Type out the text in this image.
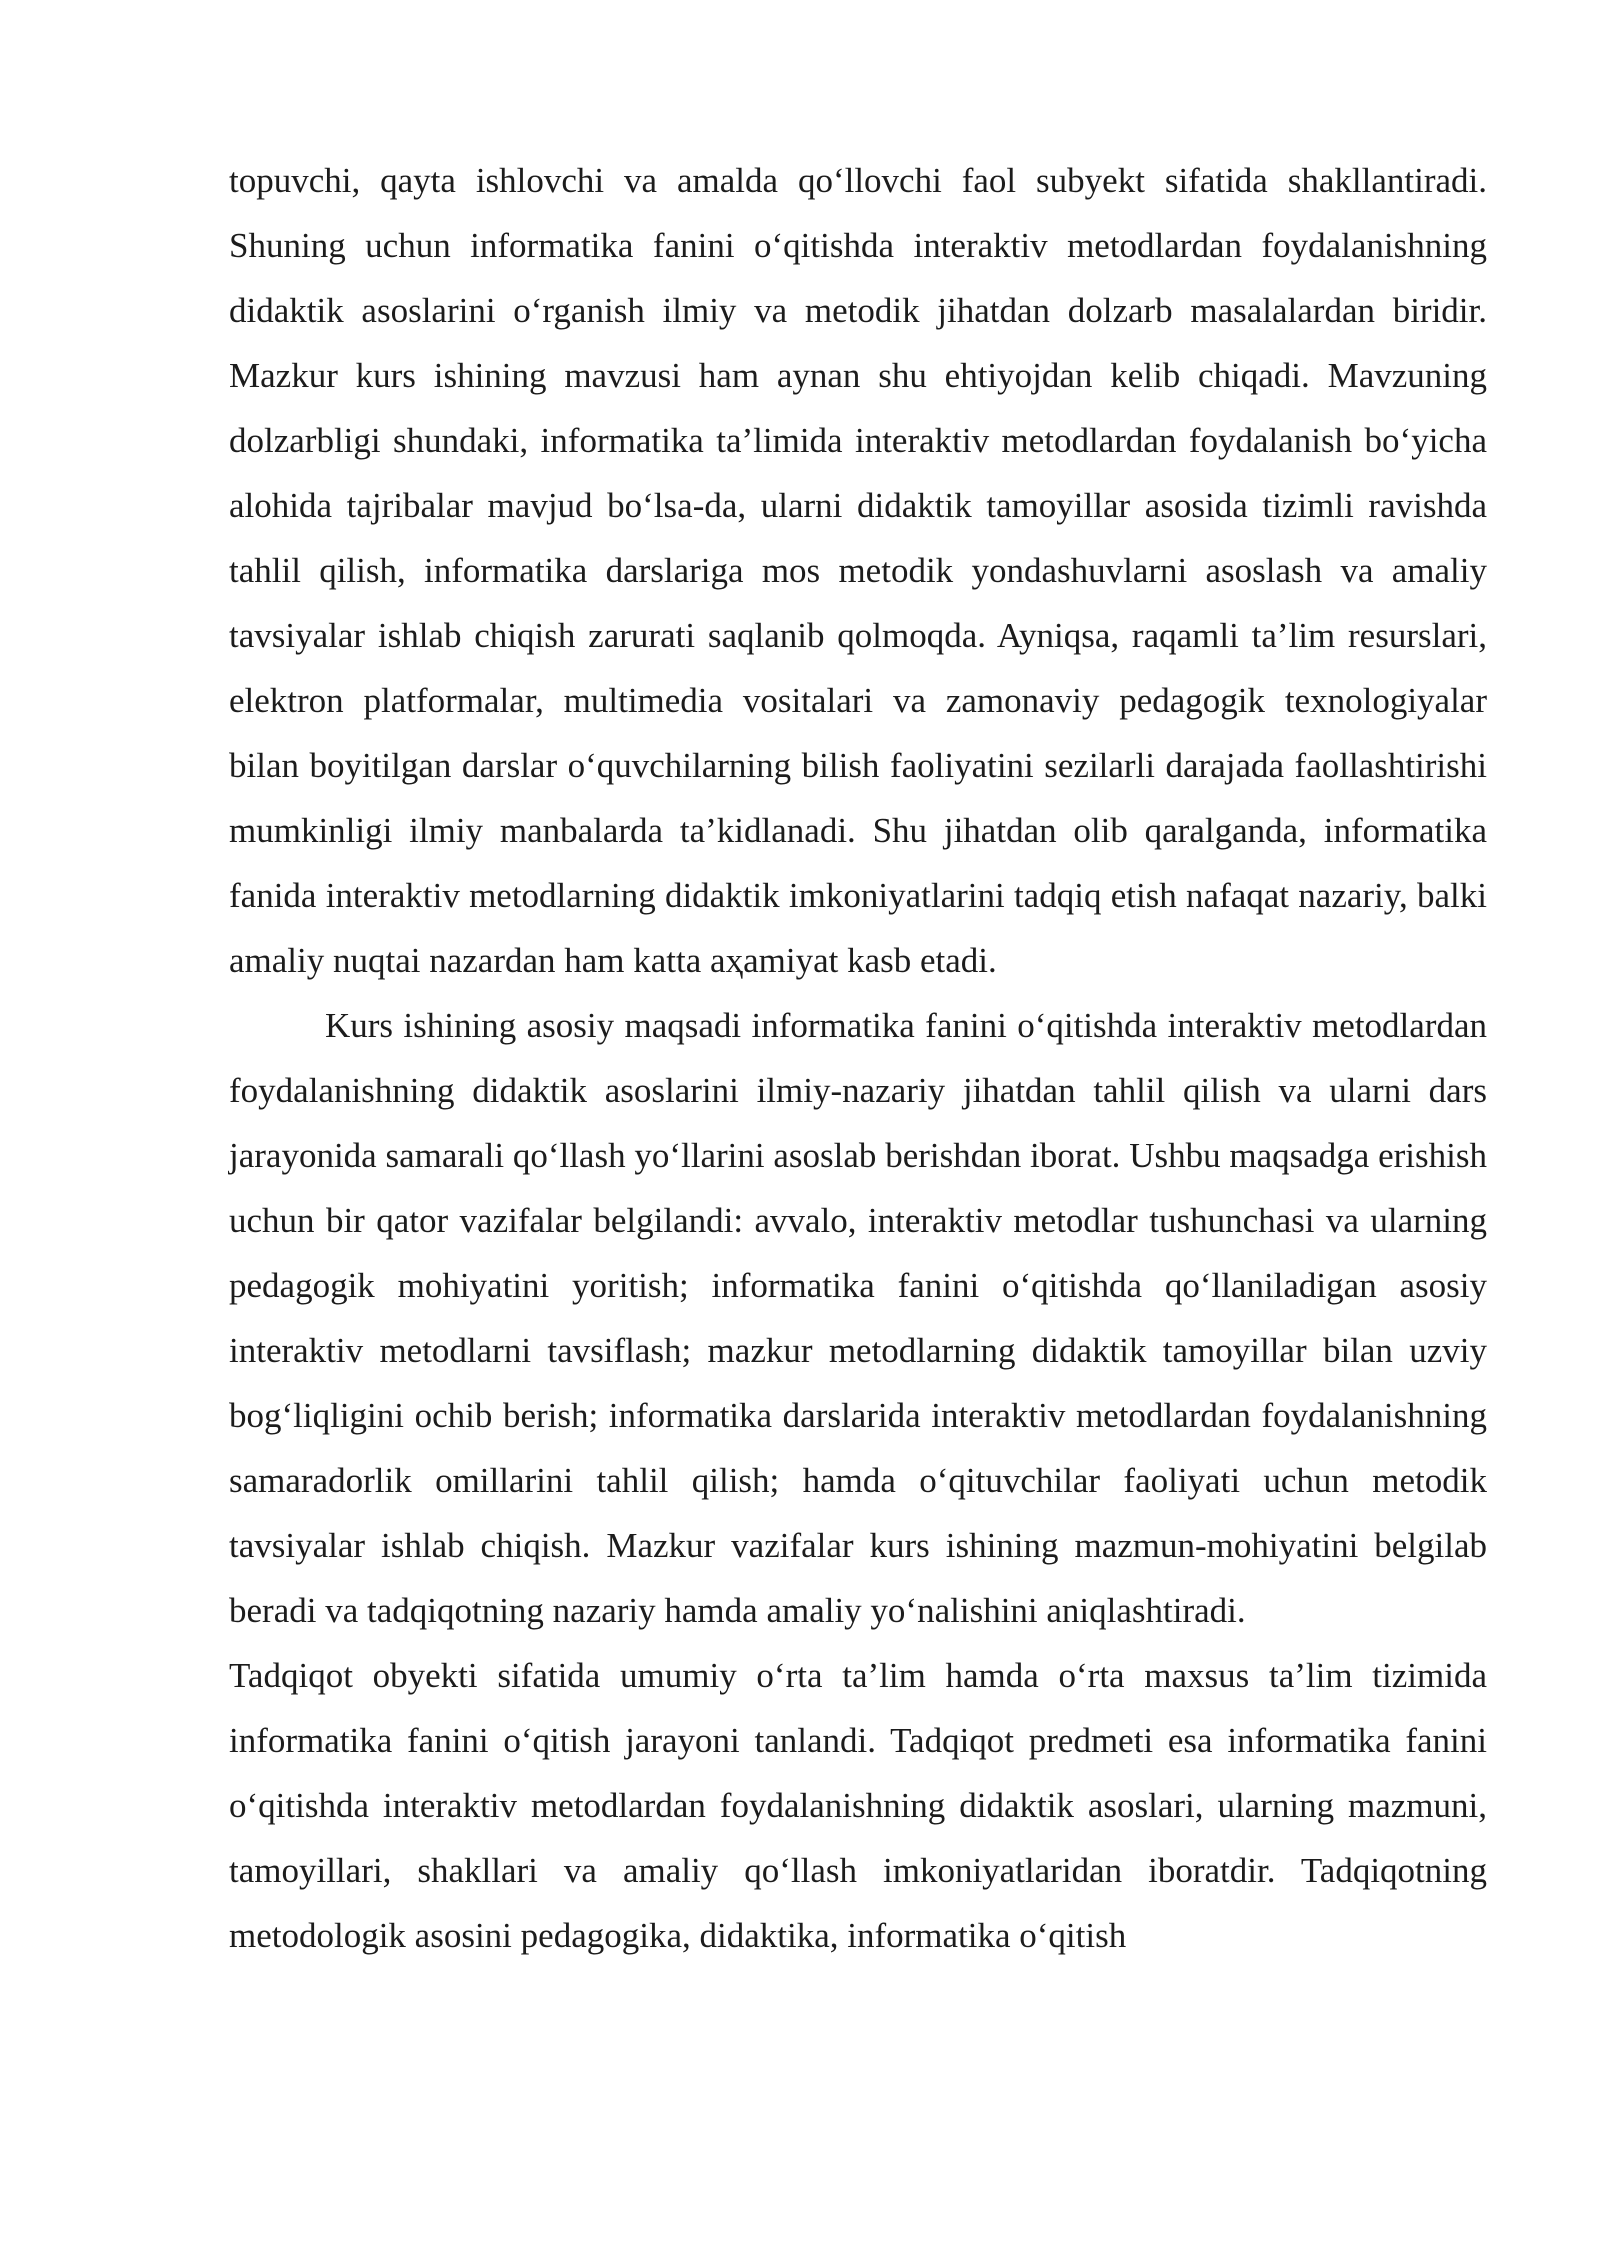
topuvchi, qayta ishlovchi va amalda qo‘llovchi faol subyekt sifatida shakllantiradi. Shuning uchun informatika fanini o‘qitishda interaktiv metodlardan foydalanishning didaktik asoslarini o‘rganish ilmiy va metodik jihatdan dolzarb masalalardan biridir. Mazkur kurs ishining mavzusi ham aynan shu ehtiyojdan kelib chiqadi. Mavzuning dolzarbligi shundaki, informatika ta’limida interaktiv metodlardan foydalanish bo‘yicha alohida tajribalar mavjud bo‘lsa-da, ularni didaktik tamoyillar asosida tizimli ravishda tahlil qilish, informatika darslariga mos metodik yondashuvlarni asoslash va amaliy tavsiyalar ishlab chiqish zarurati saqlanib qolmoqda. Ayniqsa, raqamli ta’lim resurslari, elektron platformalar, multimedia vositalari va zamonaviy pedagogik texnologiyalar bilan boyitilgan darslar o‘quvchilarning bilish faoliyatini sezilarli darajada faollashtirishi mumkinligi ilmiy manbalarda ta’kidlanadi. Shu jihatdan olib qaralganda, informatika fanida interaktiv metodlarning didaktik imkoniyatlarini tadqiq etish nafaqat nazariy, balki amaliy nuqtai nazardan ham katta aҳamiyat kasb etadi.

Kurs ishining asosiy maqsadi informatika fanini o‘qitishda interaktiv metodlardan foydalanishning didaktik asoslarini ilmiy-nazariy jihatdan tahlil qilish va ularni dars jarayonida samarali qo‘llash yo‘llarini asoslab berishdan iborat. Ushbu maqsadga erishish uchun bir qator vazifalar belgilandi: avvalo, interaktiv metodlar tushunchasi va ularning pedagogik mohiyatini yoritish; informatika fanini o‘qitishda qo‘llaniladigan asosiy interaktiv metodlarni tavsiflash; mazkur metodlarning didaktik tamoyillar bilan uzviy bog‘liqligini ochib berish; informatika darslarida interaktiv metodlardan foydalanishning samaradorlik omillarini tahlil qilish; hamda o‘qituvchilar faoliyati uchun metodik tavsiyalar ishlab chiqish. Mazkur vazifalar kurs ishining mazmun-mohiyatini belgilab beradi va tadqiqotning nazariy hamda amaliy yo‘nalishini aniqlashtiradi.

Tadqiqot obyekti sifatida umumiy o‘rta ta’lim hamda o‘rta maxsus ta’lim tizimida informatika fanini o‘qitish jarayoni tanlandi. Tadqiqot predmeti esa informatika fanini o‘qitishda interaktiv metodlardan foydalanishning didaktik asoslari, ularning mazmuni, tamoyillari, shakllari va amaliy qo‘llash imkoniyatlaridan iboratdir. Tadqiqotning metodologik asosini pedagogika, didaktika, informatika o‘qitish
